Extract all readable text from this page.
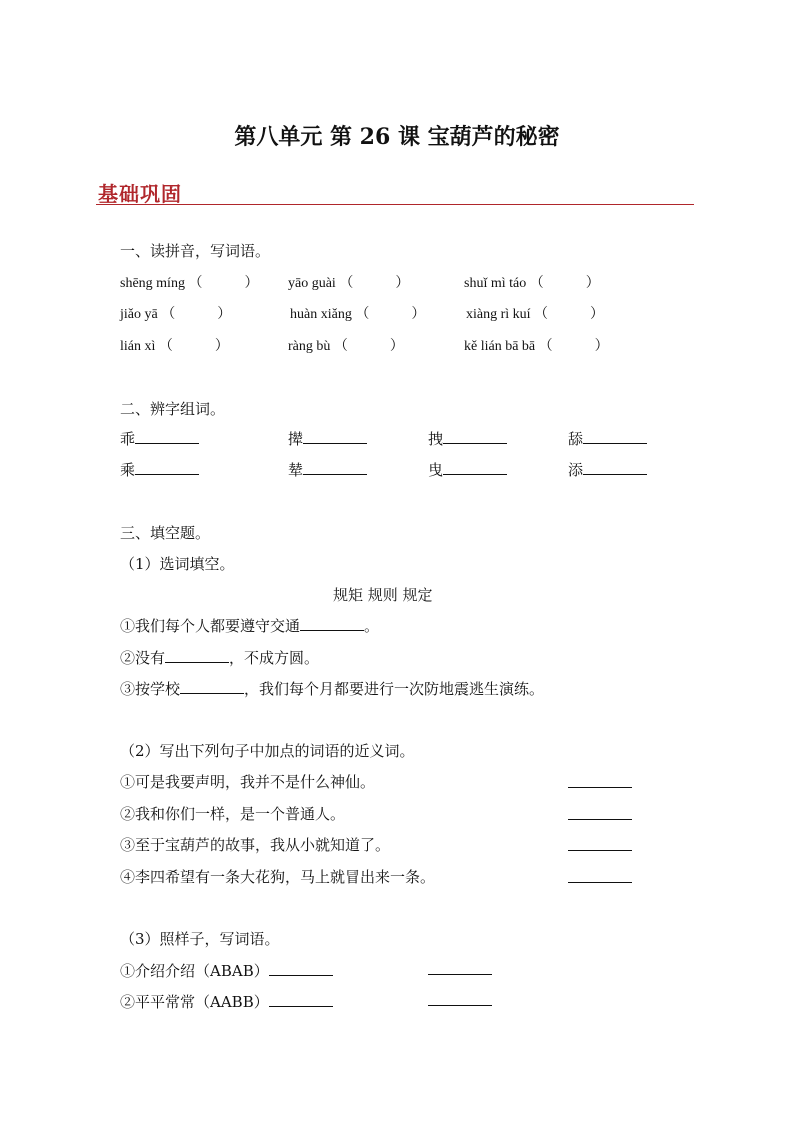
第八单元 第 26 课 宝葫芦的秘密
基础巩固
一、读拼音，写词语。
shēng míng （　　　） yāo guài （　　　）	shuǐ mì táo （　　　）
jiǎo yā （　　　）	huàn xiǎng （　　　）	xiàng rì kuí （　　　）
lián xì （　　　）	ràng bù （　　　）	kě lián bā bā （　　　）
二、辨字组词。
乖	撵	拽	舔
乘	辇	曳	添
三、填空题。
（1）选词填空。
规矩 规则 规定
①我们每个人都要遵守交通	。
②没有	，不成方圆。
③按学校	，我们每个月都要进行一次防地震逃生演练。
（2）写出下列句子中加点的词语的近义词。
①可是我要声明，我并不是什么神仙。
②我和你们一样，是一个普通人。
③至于宝葫芦的故事，我从小就知道了。
④李四希望有一条大花狗，马上就冒出来一条。
（3）照样子，写词语。
①介绍介绍（ABAB）
②平平常常（AABB）
